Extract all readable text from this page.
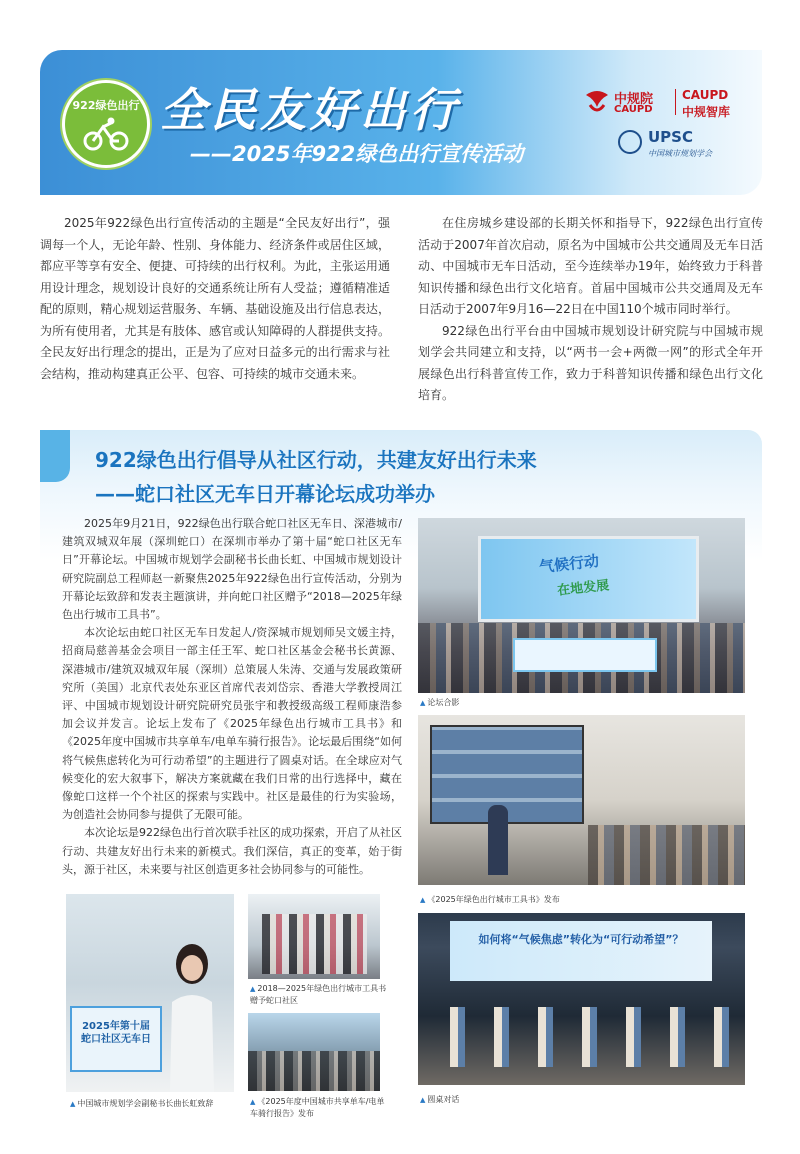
922绿色出行 全民友好出行
——2025年922绿色出行宣传活动
中规院
CAUPD
CAUPD
中规智库
UPSC
中国城市规划学会

2025年922绿色出行宣传活动的主题是“全民友好出行”，强调每一个人，无论年龄、性别、身体能力、经济条件或居住区域，都应平等享有安全、便捷、可持续的出行权利。为此，主张运用通用设计理念，规划设计良好的交通系统让所有人受益；遵循精准适配的原则，精心规划运营服务、车辆、基础设施及出行信息表达，为所有使用者，尤其是有肢体、感官或认知障碍的人群提供支持。全民友好出行理念的提出，正是为了应对日益多元的出行需求与社会结构，推动构建真正公平、包容、可持续的城市交通未来。

在住房城乡建设部的长期关怀和指导下，922绿色出行宣传活动于2007年首次启动，原名为中国城市公共交通周及无车日活动、中国城市无车日活动，至今连续举办19年，始终致力于科普知识传播和绿色出行文化培育。首届中国城市公共交通周及无车日活动于2007年9月16—22日在中国110个城市同时举行。

922绿色出行平台由中国城市规划设计研究院与中国城市规划学会共同建立和支持，以“两书一会+两微一网”的形式全年开展绿色出行科普宣传工作，致力于科普知识传播和绿色出行文化培育。

922绿色出行倡导从社区行动，共建友好出行未来
——蛇口社区无车日开幕论坛成功举办

2025年9月21日，922绿色出行联合蛇口社区无车日、深港城市/建筑双城双年展（深圳蛇口）在深圳市举办了第十届“蛇口社区无车日”开幕论坛。中国城市规划学会副秘书长曲长虹、中国城市规划设计研究院副总工程师赵一新聚焦2025年922绿色出行宣传活动，分别为开幕论坛致辞和发表主题演讲，并向蛇口社区赠予“2018—2025年绿色出行城市工具书”。

本次论坛由蛇口社区无车日发起人/资深城市规划师吴文媛主持，招商局慈善基金会项目一部主任王军、蛇口社区基金会秘书长黄源、深港城市/建筑双城双年展（深圳）总策展人朱涛、交通与发展政策研究所（美国）北京代表处东亚区首席代表刘岱宗、香港大学教授周江评、中国城市规划设计研究院研究员张宇和教授级高级工程师康浩参加会议并发言。论坛上发布了《2025年绿色出行城市工具书》和《2025年度中国城市共享单车/电单车骑行报告》。论坛最后围绕“如何将气候焦虑转化为可行动希望”的主题进行了圆桌对话。在全球应对气候变化的宏大叙事下，解决方案就藏在我们日常的出行选择中，藏在像蛇口这样一个个社区的探索与实践中。社区是最佳的行为实验场，为创造社会协同参与提供了无限可能。

本次论坛是922绿色出行首次联手社区的成功探索，开启了从社区行动、共建友好出行未来的新模式。我们深信，真正的变革，始于街头，源于社区，未来要与社区创造更多社会协同参与的可能性。

气候行动
在地发展
▲ 论坛合影
▲ 《2025年绿色出行城市工具书》发布
2025年第十届
蛇口社区无车日
▲ 中国城市规划学会副秘书长曲长虹致辞
▲ 2018—2025年绿色出行城市工具书赠予蛇口社区
▲ 《2025年度中国城市共享单车/电单车骑行报告》发布
如何将“气候焦虑”转化为“可行动希望”？
▲ 圆桌对话
